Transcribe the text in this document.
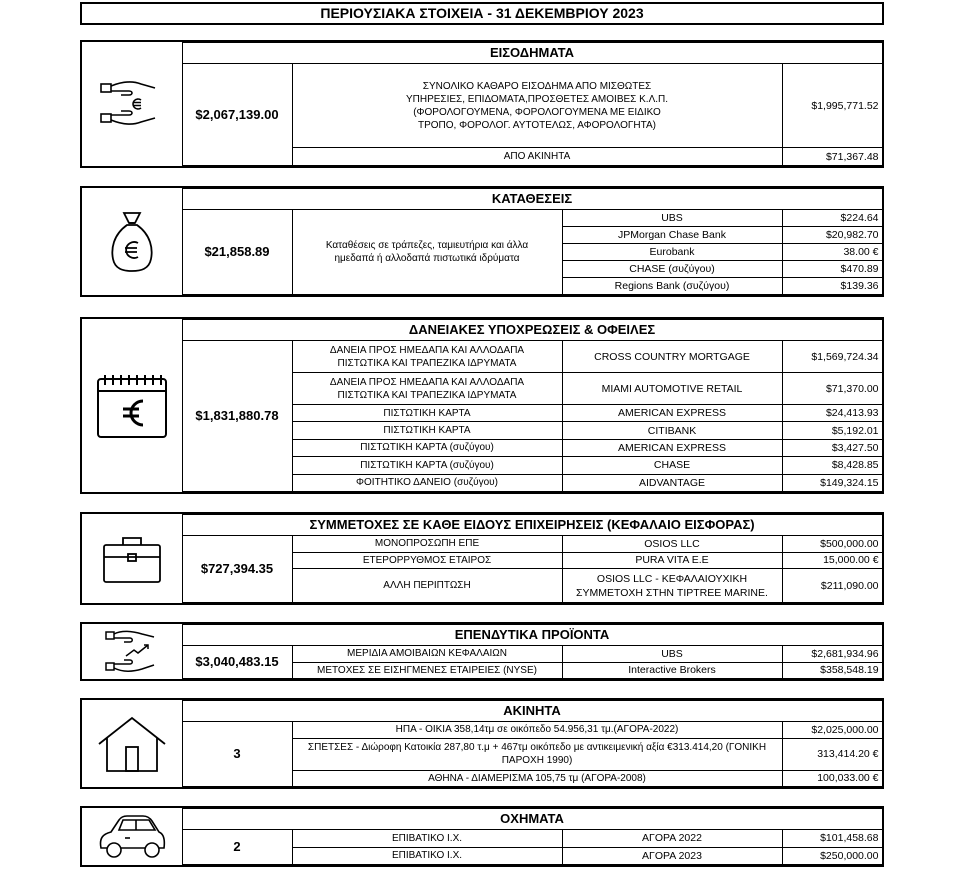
ΠΕΡΙΟΥΣΙΑΚΑ ΣΤΟΙΧΕΙΑ - 31 ΔΕΚΕΜΒΡΙΟΥ 2023
	ΕΙΣΟΔΗΜΑΤΑ		
	$2,067,139.00	ΣΥΝΟΛΙΚΟ ΚΑΘΑΡΟ ΕΙΣΟΔΗΜΑ ΑΠΟ ΜΙΣΘΩΤΕΣ ΥΠΗΡΕΣΙΕΣ, ΕΠΙΔΟΜΑΤΑ,ΠΡΟΣΘΕΤΕΣ ΑΜΟΙΒΕΣ Κ.Λ.Π.(ΦΟΡΟΛΟΓΟΥΜΕΝΑ, ΦΟΡΟΛΟΓΟΥΜΕΝΑ ΜΕ ΕΙΔΙΚΟ ΤΡΟΠΟ, ΦΟΡΟΛΟΓ. ΑΥΤΟΤΕΛΩΣ, ΑΦΟΡΟΛΟΓΗΤΑ)	$1,995,771.52
		ΑΠΟ ΑΚΙΝΗΤΑ	$71,367.48
	ΚΑΤΑΘΕΣΕΙΣ			
	$21,858.89	Καταθέσεις σε τράπεζες, ταμιευτήρια και άλλα ημεδαπά ή αλλοδαπά πιστωτικά ιδρύματα	UBS	$224.64
			JPMorgan Chase Bank	$20,982.70
			Eurobank	38.00 €
			CHASE (συζύγου)	$470.89
			Regions Bank (συζύγου)	$139.36
	ΔΑΝΕΙΑΚΕΣ ΥΠΟΧΡΕΩΣΕΙΣ & ΟΦΕΙΛΕΣ			
	$1,831,880.78	ΔΑΝΕΙΑ ΠΡΟΣ ΗΜΕΔΑΠΑ ΚΑΙ ΑΛΛΟΔΑΠΑ ΠΙΣΤΩΤΙΚΑ ΚΑΙ ΤΡΑΠΕΖΙΚΑ ΙΔΡΥΜΑΤΑ	CROSS COUNTRY MORTGAGE	$1,569,724.34
		ΔΑΝΕΙΑ ΠΡΟΣ ΗΜΕΔΑΠΑ ΚΑΙ ΑΛΛΟΔΑΠΑ ΠΙΣΤΩΤΙΚΑ ΚΑΙ ΤΡΑΠΕΖΙΚΑ ΙΔΡΥΜΑΤΑ	MIAMI AUTOMOTIVE RETAIL	$71,370.00
		ΠΙΣΤΩΤΙΚΗ ΚΑΡΤΑ	AMERICAN EXPRESS	$24,413.93
		ΠΙΣΤΩΤΙΚΗ ΚΑΡΤΑ	CITIBANK	$5,192.01
		ΠΙΣΤΩΤΙΚΗ ΚΑΡΤΑ (συζύγου)	AMERICAN EXPRESS	$3,427.50
		ΠΙΣΤΩΤΙΚΗ ΚΑΡΤΑ (συζύγου)	CHASE	$8,428.85
		ΦΟΙΤΗΤΙΚΟ ΔΑΝΕΙΟ (συζύγου)	AIDVANTAGE	$149,324.15
	ΣΥΜΜΕΤΟΧΕΣ ΣΕ ΚΑΘΕ ΕΙΔΟΥΣ ΕΠΙΧΕΙΡΗΣΕΙΣ (ΚΕΦΑΛΑΙΟ ΕΙΣΦΟΡΑΣ)			
	$727,394.35	ΜΟΝΟΠΡΟΣΩΠΗ ΕΠΕ	OSIOS LLC	$500,000.00
		ΕΤΕΡΟΡΡΥΘΜΟΣ ΕΤΑΙΡΟΣ	PURA VITA E.E	15,000.00 €
		ΑΛΛΗ ΠΕΡΙΠΤΩΣΗ	OSIOS LLC - ΚΕΦΑΛΑΙΟΥΧΙΚΗ ΣΥΜΜΕΤΟΧΗ ΣΤΗΝ TIPTREE MARINE.	$211,090.00
	ΕΠΕΝΔΥΤΙΚΑ ΠΡΟΪΟΝΤΑ			
	$3,040,483.15	ΜΕΡΙΔΙΑ ΑΜΟΙΒΑΙΩΝ ΚΕΦΑΛΑΙΩΝ	UBS	$2,681,934.96
		ΜΕΤΟΧΕΣ ΣΕ ΕΙΣΗΓΜΕΝΕΣ ΕΤΑΙΡΕΙΕΣ (NYSE)	Interactive Brokers	$358,548.19
	ΑΚΙΝΗΤΑ		
	3	ΗΠΑ - ΟΙΚΙΑ 358,14τμ σε οικόπεδο 54.956,31 τμ.(ΑΓΟΡΑ-2022)	$2,025,000.00
		ΣΠΕΤΣΕΣ - Διώροφη Κατοικία 287,80 τ.μ + 467τμ οικόπεδο με αντικειμενική αξία €313.414,20 (ΓΟΝΙΚΗ ΠΑΡΟΧΗ 1990)	313,414.20 €
		ΑΘΗΝΑ - ΔΙΑΜΕΡΙΣΜΑ 105,75 τμ (ΑΓΟΡΑ-2008)	100,033.00 €
	ΟΧΗΜΑΤΑ			
	2	ΕΠΙΒΑΤΙΚΟ Ι.Χ.	ΑΓΟΡΑ 2022	$101,458.68
		ΕΠΙΒΑΤΙΚΟ Ι.Χ.	ΑΓΟΡΑ 2023	$250,000.00
